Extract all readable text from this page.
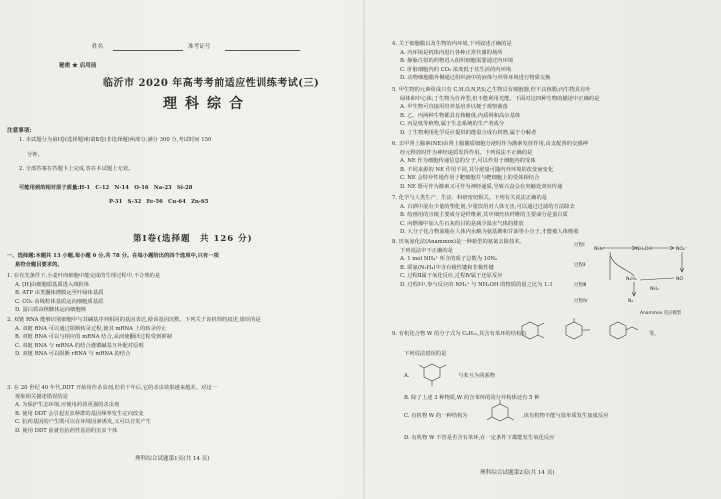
姓名	准考证号
秘密 ★ 启用前
临沂市 2020 年高考考前适应性训练考试(三)
理科综合
注意事项:
1. 本试题分为第Ⅰ卷(选择题)和第Ⅱ卷(非选择题)两部分,满分 300 分,考试时间 150
分钟。
2. 全部答案在答题卡上完成,答在本试题上无效。
可能用到的相对原子质量:H-1　C-12　N-14　O-16　Na-23　Si-28
P-31　S-32　Fe-56　Cu-64　Zn-65
第Ⅰ卷(选择题　共 126 分)
一、选择题:本题共 13 小题,每小题 6 分,共 78 分。在每小题给出的四个选项中,只有一项
是符合题目要求的。
1. 在有光条件下,小麦叶肉细胞中能完成的生理过程中,不合理的是
A. [H]由细胞质基质进入线粒体
B. ATP 由类囊体薄膜运至叶绿体基质
C. CO₂ 由线粒体基质运向细胞质基质
D. 蛋白质由核糖体运向细胞核
2. 双链 RNA 能够识别细胞中与其碱基序列相同的基因表达,使该基因沉默。下列关于该机理的叙述,错误的是
A. 双链 RNA 可以通过阻断转录过程,使其 mRNA 上的转录停止
B. 双链 RNA 可以与相应的 mRNA 结合,从而使翻译过程受到抑制
C. 双链 RNA 与 mRNA 的结合遵循碱基互补配对原则
D. 双链 RNA 可以阻断 rRNA 与 mRNA 的结合
3. 在 20 世纪 40 年代,DDT 开始用作杀虫剂,但若干年后,它的杀虫效果越来越差。对这一
现象相关描述错误的是
A. 为保护生态环境,应使用药效更强的杀虫剂
B. 使用 DDT 会引起害虫种群的基因频率发生定向改变
C. 抗药基因的产生既可以在环境因素诱发,又可以自发产生
D. 使用 DDT 前就有抗药性基因的害虫个体
理科综合试题第1页(共 14 页)
4. 关于细胞膜以及生物的内环境,下列叙述正确的是
A. 内环境是机体内进行各种正常代谢的场所
B. 静脉注射的药物进入组织细胞需要通过内环境
C. 肝脏细胞内的 CO₂ 浓度低于其生活的内环境
D. 动物细胞膜外侧通过组织液中的液体与外界环境进行物质交换
5. 甲生物的元素组成只有 C,H,O,N,P,S;乙生物具有细胞器,但不具核膜;丙生物具有叶
绿体和中心体;丁生物为自养型,但不能利用光能。下面对这四种生物的描述中正确的是
A. 甲生物可直接用培养基培养以便于观察菌落
B. 乙、丙两种生物都具有核糖体,内质网和高尔基体
C. 丙是低等植物,属于生态系统的生产者成分
D. 丁生物利用化学反应提供的能量合成有机物,属于分解者
6. 去甲肾上腺素(NE)由肾上腺髓质细胞分泌时作为激素发挥作用,由支配肾的交感神
经元释放时作为神经递质发挥作用。下列说法不正确的是
A. NE 作为细胞传递信息的分子,可以作用于细胞内的受体
B. 不同来源的 NE 作用不同,其分泌量可随内外环境的改变而变化
C. NE 会特异性地作用于靶细胞并与靶细胞上的受体相结合
D. NE 既可作为激素又可作为神经递质,导致兴奋会在突触处双向传递
7. 化学与人类生产、生活、科研密切相关。下列有关说法正确的是
A. 白酒中混有少量的塑化剂,少量饮用对人体无害,可以通过过滤的方法除去
B. 绘画用的宣纸主要成分是纤维素,其中细丝状纤维的主要成分是蛋白质
C. 向燃煤中加入生石灰的目的是减少温室气体的排放
D. 大分子化合物油脂在人体内水解为氨基酸和甘油等小分子,才能被人体吸收
8. 厌氧氨化法(Anammox)是一种新型的氨氮去除技术,
下列说法中不正确的是
A. 1 mol NH₄⁺ 所含的质子总数为 10Nₐ
B. 联氨(N₂H₄)中含有极性键和非极性键
C. 过程Ⅱ属于氧化反应,过程Ⅳ属于还原反应
D. 过程Ⅰ中,参与反应的 NH₄⁺ 与 NH₂OH 的物质的量之比为 1:1
过程Ⅰ
NH₄⁺	NH₂OH	NO₂⁻
过程Ⅱ
N₂H₄	NO
过程Ⅲ
NH₂
N₂
过程Ⅳ
Anammox 反应模型
9. 有机化合物 W 的分子式为 C₉H₁₂,其含有苯环的结构有	等,
下列说法错误的是
A.	与苯互为同系物
B. 除了上述 3 种物质,W 的含苯环的同分异构体还有 5 种
C. 有机物 W 的一种结构为	,该有机物不能与溴单质发生加成反应
D. 有机物 W 不管是否含有苯环,在一定条件下都能发生氧化反应
理科综合试题第2页(共 14 页)
